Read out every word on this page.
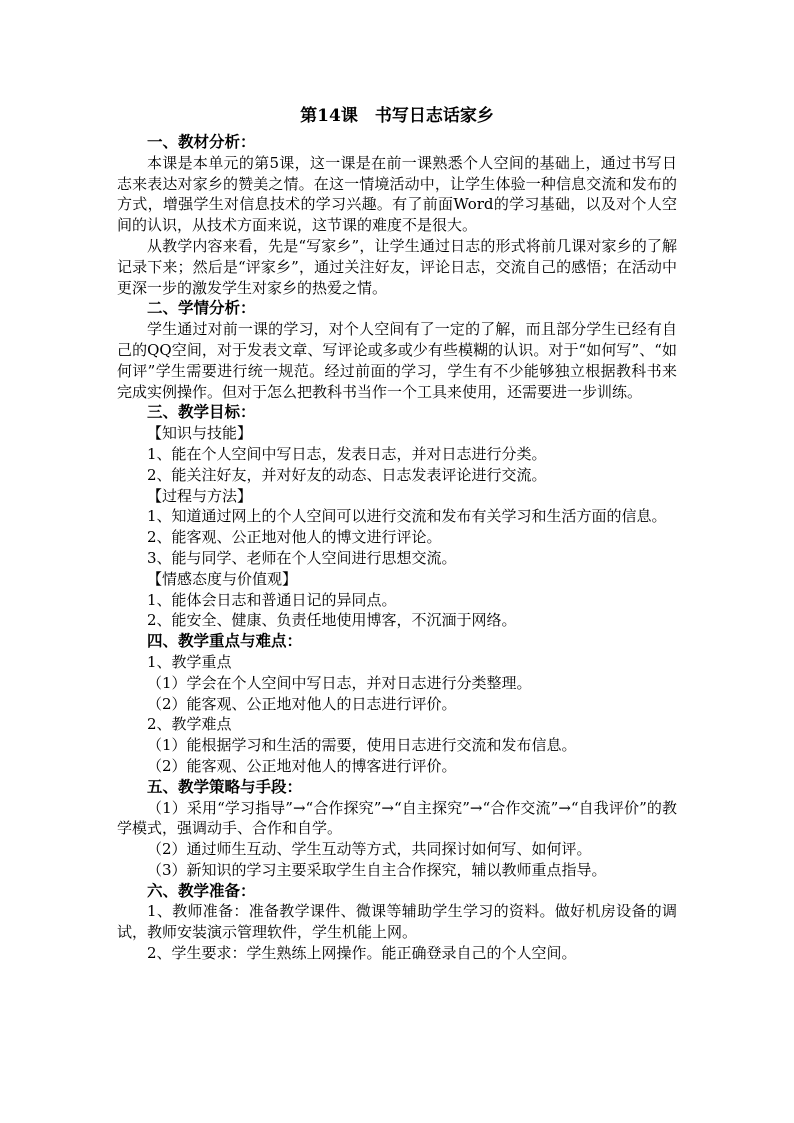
第14课　书写日志话家乡
一、教材分析：
本课是本单元的第5课，这一课是在前一课熟悉个人空间的基础上，通过书写日志来表达对家乡的赞美之情。在这一情境活动中，让学生体验一种信息交流和发布的方式，增强学生对信息技术的学习兴趣。有了前面Word的学习基础，以及对个人空间的认识，从技术方面来说，这节课的难度不是很大。
从教学内容来看，先是“写家乡”，让学生通过日志的形式将前几课对家乡的了解记录下来；然后是“评家乡”，通过关注好友，评论日志，交流自己的感悟；在活动中更深一步的激发学生对家乡的热爱之情。
二、学情分析：
学生通过对前一课的学习，对个人空间有了一定的了解，而且部分学生已经有自己的QQ空间，对于发表文章、写评论或多或少有些模糊的认识。对于“如何写”、“如何评”学生需要进行统一规范。经过前面的学习，学生有不少能够独立根据教科书来完成实例操作。但对于怎么把教科书当作一个工具来使用，还需要进一步训练。
三、教学目标：
【知识与技能】
1、能在个人空间中写日志，发表日志，并对日志进行分类。
2、能关注好友，并对好友的动态、日志发表评论进行交流。
【过程与方法】
1、知道通过网上的个人空间可以进行交流和发布有关学习和生活方面的信息。
2、能客观、公正地对他人的博文进行评论。
3、能与同学、老师在个人空间进行思想交流。
【情感态度与价值观】
1、能体会日志和普通日记的异同点。
2、能安全、健康、负责任地使用博客，不沉湎于网络。
四、教学重点与难点：
1、教学重点
（1）学会在个人空间中写日志，并对日志进行分类整理。
（2）能客观、公正地对他人的日志进行评价。
2、教学难点
（1）能根据学习和生活的需要，使用日志进行交流和发布信息。
（2）能客观、公正地对他人的博客进行评价。
五、教学策略与手段：
（1）采用“学习指导”→“合作探究”→“自主探究”→“合作交流”→“自我评价”的教学模式，强调动手、合作和自学。
（2）通过师生互动、学生互动等方式，共同探讨如何写、如何评。
（3）新知识的学习主要采取学生自主合作探究，辅以教师重点指导。
六、教学准备：
1、教师准备：准备教学课件、微课等辅助学生学习的资料。做好机房设备的调试，教师安装演示管理软件，学生机能上网。
2、学生要求：学生熟练上网操作。能正确登录自己的个人空间。
